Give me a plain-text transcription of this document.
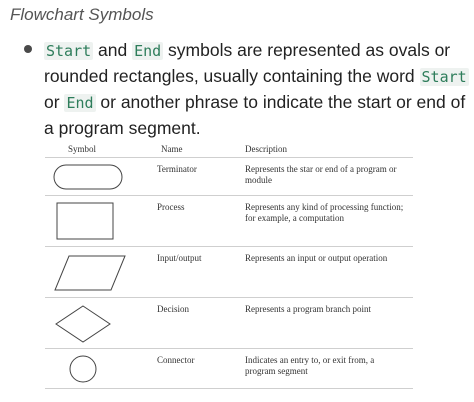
Flowchart Symbols
Start and End symbols are represented as ovals or rounded rectangles, usually containing the word Start or End or another phrase to indicate the start or end of a program segment.
Symbol	Name	Description
Terminator	Represents the star or end of a program or module
Process	Represents any kind of processing function; for example, a computation
Input/output	Represents an input or output operation
Decision	Represents a program branch point
Connector	Indicates an entry to, or exit from, a program segment
